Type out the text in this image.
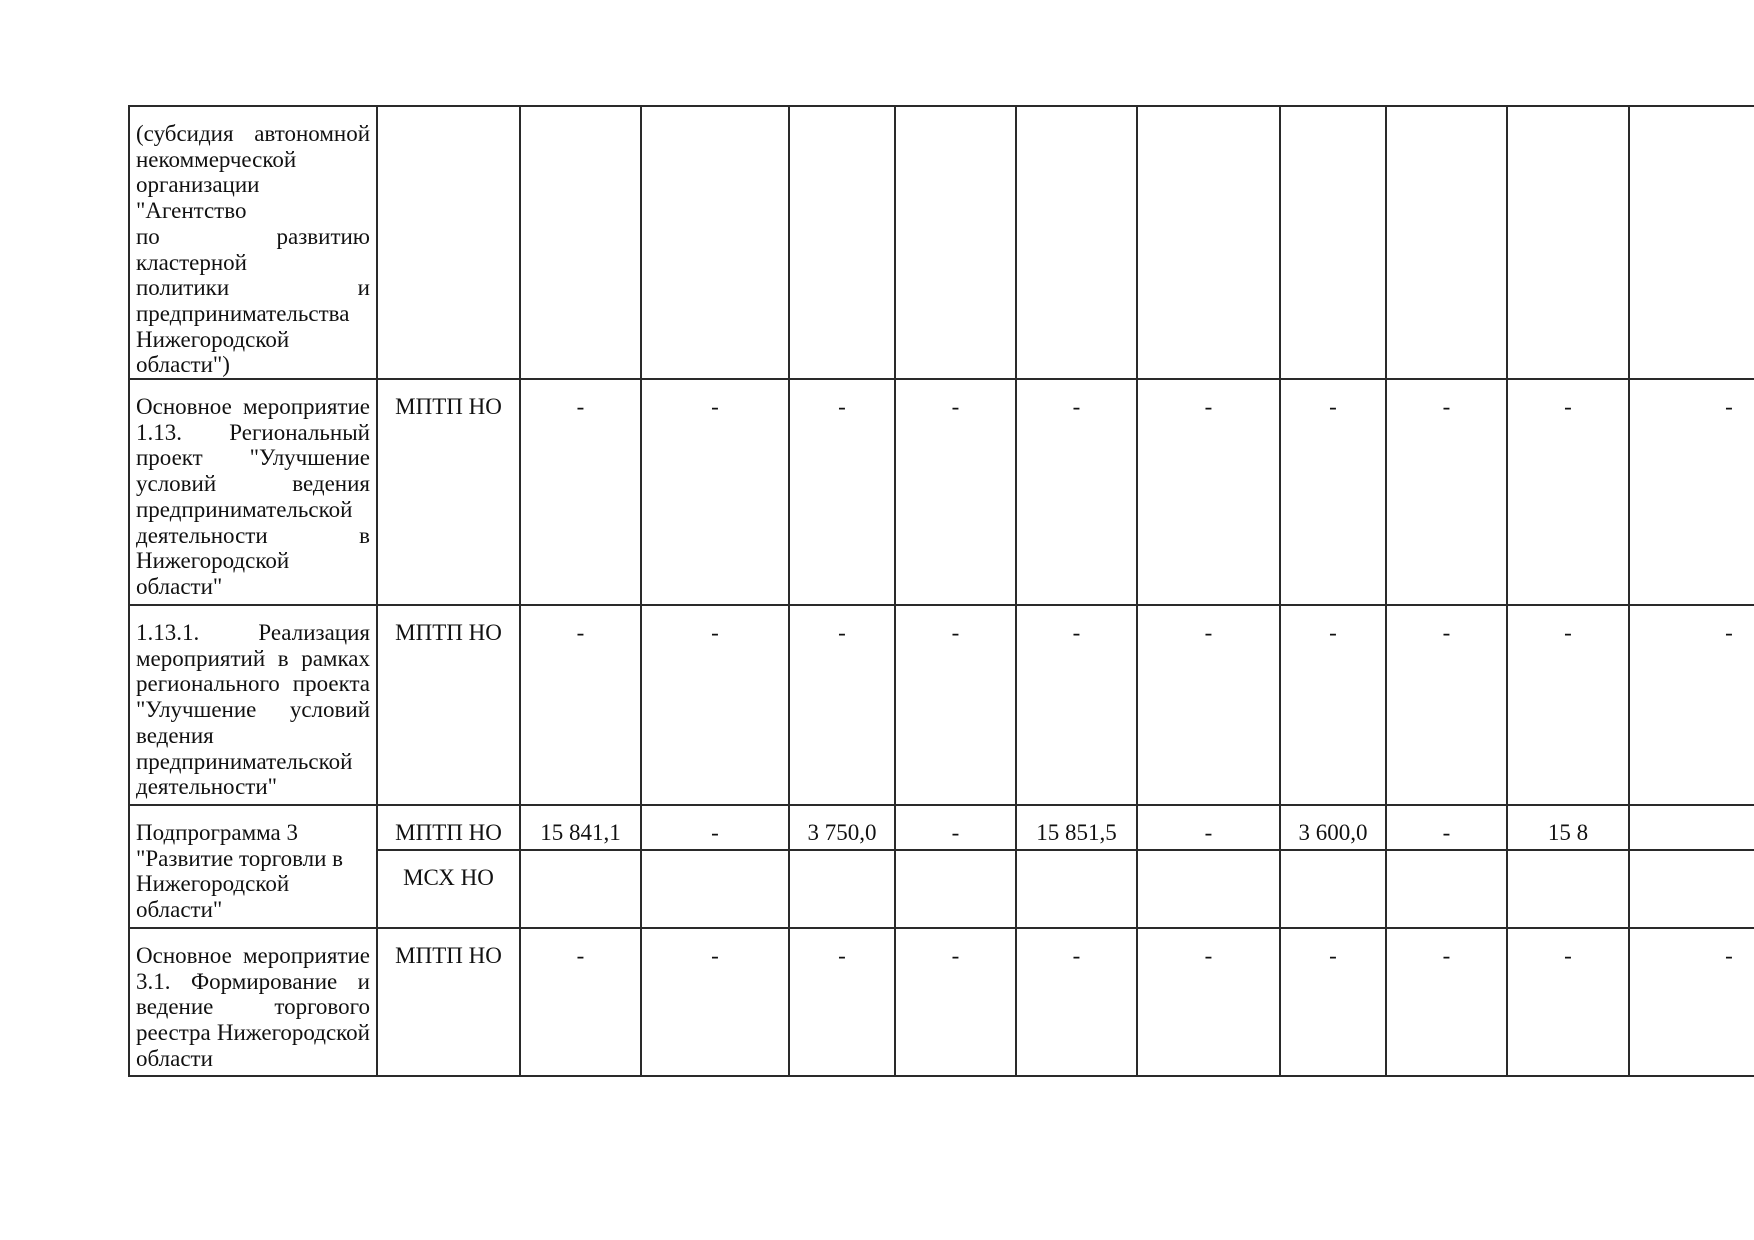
(субсидия автономной
некоммерческой
организации "Агентство
по развитию кластерной
политики и
предпринимательства
Нижегородской
области")

Основное мероприятие
1.13. Региональный
проект "Улучшение
условий ведения
предпринимательской
деятельности в
Нижегородской
области"
	МПТП НО	-	-	-	-	-	-	-	-	-	-

1.13.1. Реализация
мероприятий в рамках
регионального проекта
"Улучшение условий
ведения
предпринимательской
деятельности"
	МПТП НО	-	-	-	-	-	-	-	-	-	-

Подпрограмма 3
"Развитие торговли в
Нижегородской
области"	МПТП НО	15 841,1	-	3 750,0	-	15 851,5	-	3 600,0	-	15 8	
	МСХ НО										

Основное мероприятие
3.1. Формирование и
ведение торгового
реестра Нижегородской
области	МПТП НО	-	-	-	-	-	-	-	-	-	-
